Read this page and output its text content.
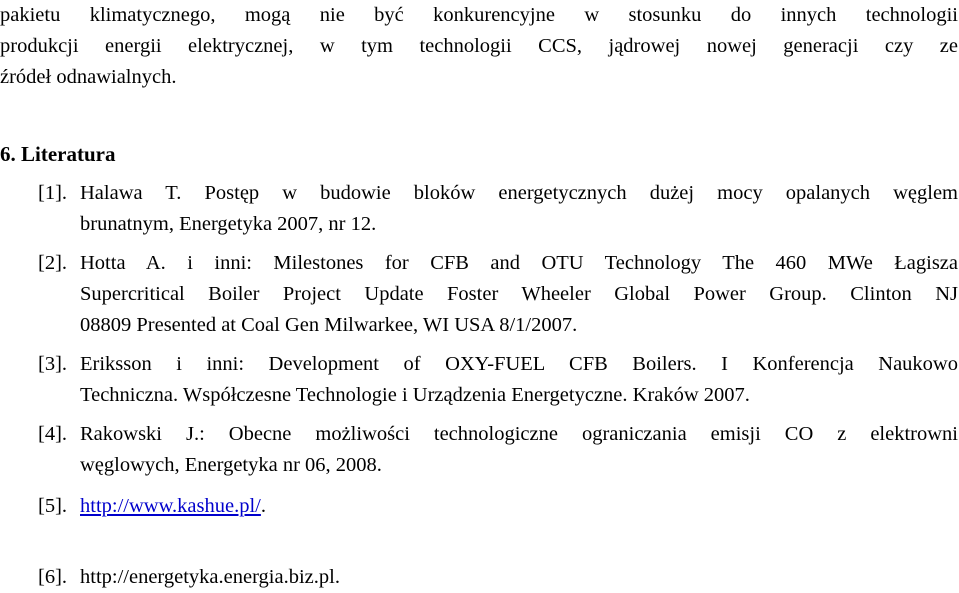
pakietu klimatycznego, mogą nie być konkurencyjne w stosunku do innych technologii
produkcji energii elektrycznej, w tym technologii CCS, jądrowej nowej generacji czy ze
źródeł odnawialnych.
6. Literatura
[1]. Halawa T. Postęp w budowie bloków energetycznych dużej mocy opalanych węglem
brunatnym, Energetyka 2007, nr 12.
[2]. Hotta A. i inni: Milestones for CFB and OTU Technology The 460 MWe Łagisza
Supercritical Boiler Project Update Foster Wheeler Global Power Group. Clinton NJ
08809 Presented at Coal Gen Milwarkee, WI USA 8/1/2007.
[3]. Eriksson i inni: Development of OXY-FUEL CFB Boilers. I Konferencja Naukowo
Techniczna. Współczesne Technologie i Urządzenia Energetyczne. Kraków 2007.
[4]. Rakowski J.: Obecne możliwości technologiczne ograniczania emisji CO z elektrowni
węglowych, Energetyka nr 06, 2008.
[5]. http://www.kashue.pl/.
[6]. http://energetyka.energia.biz.pl.
